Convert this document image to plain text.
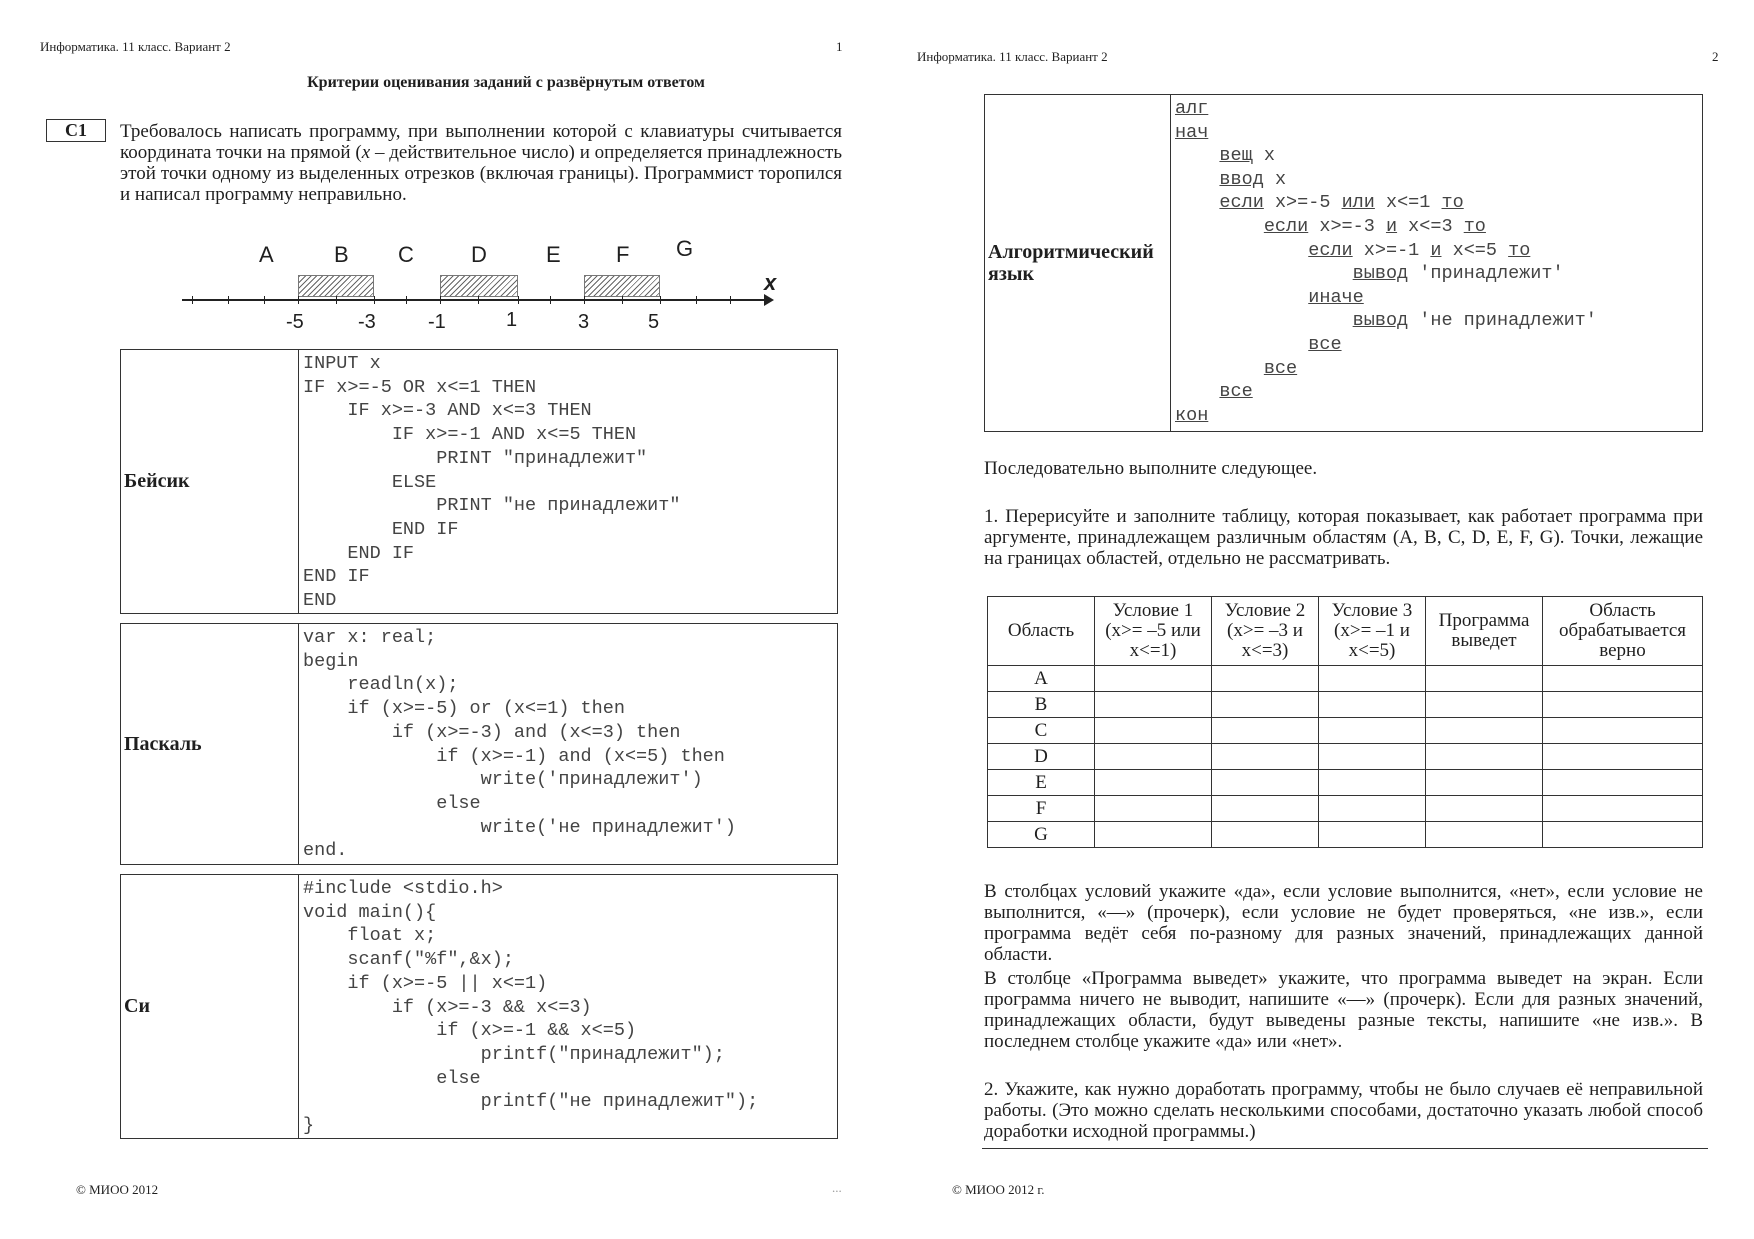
Информатика. 11 класс. Вариант 2	1
Критерии оценивания заданий с развёрнутым ответом
C1	Требовалось написать программу, при выполнении которой с клавиатуры считывается координата точки на прямой (x – действительное число) и определяется принадлежность этой точки одному из выделенных отрезков (включая границы). Программист торопился и написал программу неправильно.
x
A	B C	D	E	F G
-5	-3	-1	1	3	5
Бейсик
INPUT x
IF x>=-5 OR x<=1 THEN
IF x>=-3 AND x<=3 THEN
IF x>=-1 AND x<=5 THEN
PRINT "принадлежит"
ELSE
PRINT "не принадлежит"
END IF
END IF
END IF
END
Паскаль
var x: real;
begin
readln(x);
if (x>=-5) or (x<=1) then
if (x>=-3) and (x<=3) then
if (x>=-1) and (x<=5) then
write('принадлежит')
else
write('не принадлежит')
end.
Си
#include <stdio.h>
void main(){
float x;
scanf("%f",&x);
if (x>=-5 || x<=1)
if (x>=-3 && x<=3)
if (x>=-1 && x<=5)
printf("принадлежит");
else
printf("не принадлежит");
}
© МИОО 2012	...
Информатика. 11 класс. Вариант 2	2
Алгоритмический язык
алг
нач
вещ x
ввод x
если x>=-5 или x<=1 то
если x>=-3 и x<=3 то
если x>=-1 и x<=5 то
вывод 'принадлежит'
иначе
вывод 'не принадлежит'
все
все
все
кон
Последовательно выполните следующее.
1. Перерисуйте и заполните таблицу, которая показывает, как работает программа при аргументе, принадлежащем различным областям (A, B, C, D, E, F, G). Точки, лежащие на границах областей, отдельно не рассматривать.
Область	Условие 1 (x>= –5 или x<=1)	Условие 2 (x>= –3 и x<=3)	Условие 3 (x>= –1 и x<=5)	Программа выведет	Область обрабатывается верно
A					
B					
C					
D					
E					
F					
G					
В столбцах условий укажите «да», если условие выполнится, «нет», если условие не выполнится, «—» (прочерк), если условие не будет проверяться, «не изв.», если программа ведёт себя по-разному для разных значений, принадлежащих данной области.
В столбце «Программа выведет» укажите, что программа выведет на экран. Если программа ничего не выводит, напишите «—» (прочерк). Если для разных значений, принадлежащих области, будут выведены разные тексты, напишите «не изв.». В последнем столбце укажите «да» или «нет».
2. Укажите, как нужно доработать программу, чтобы не было случаев её неправильной работы. (Это можно сделать несколькими способами, достаточно указать любой способ доработки исходной программы.)
© МИОО 2012 г.
